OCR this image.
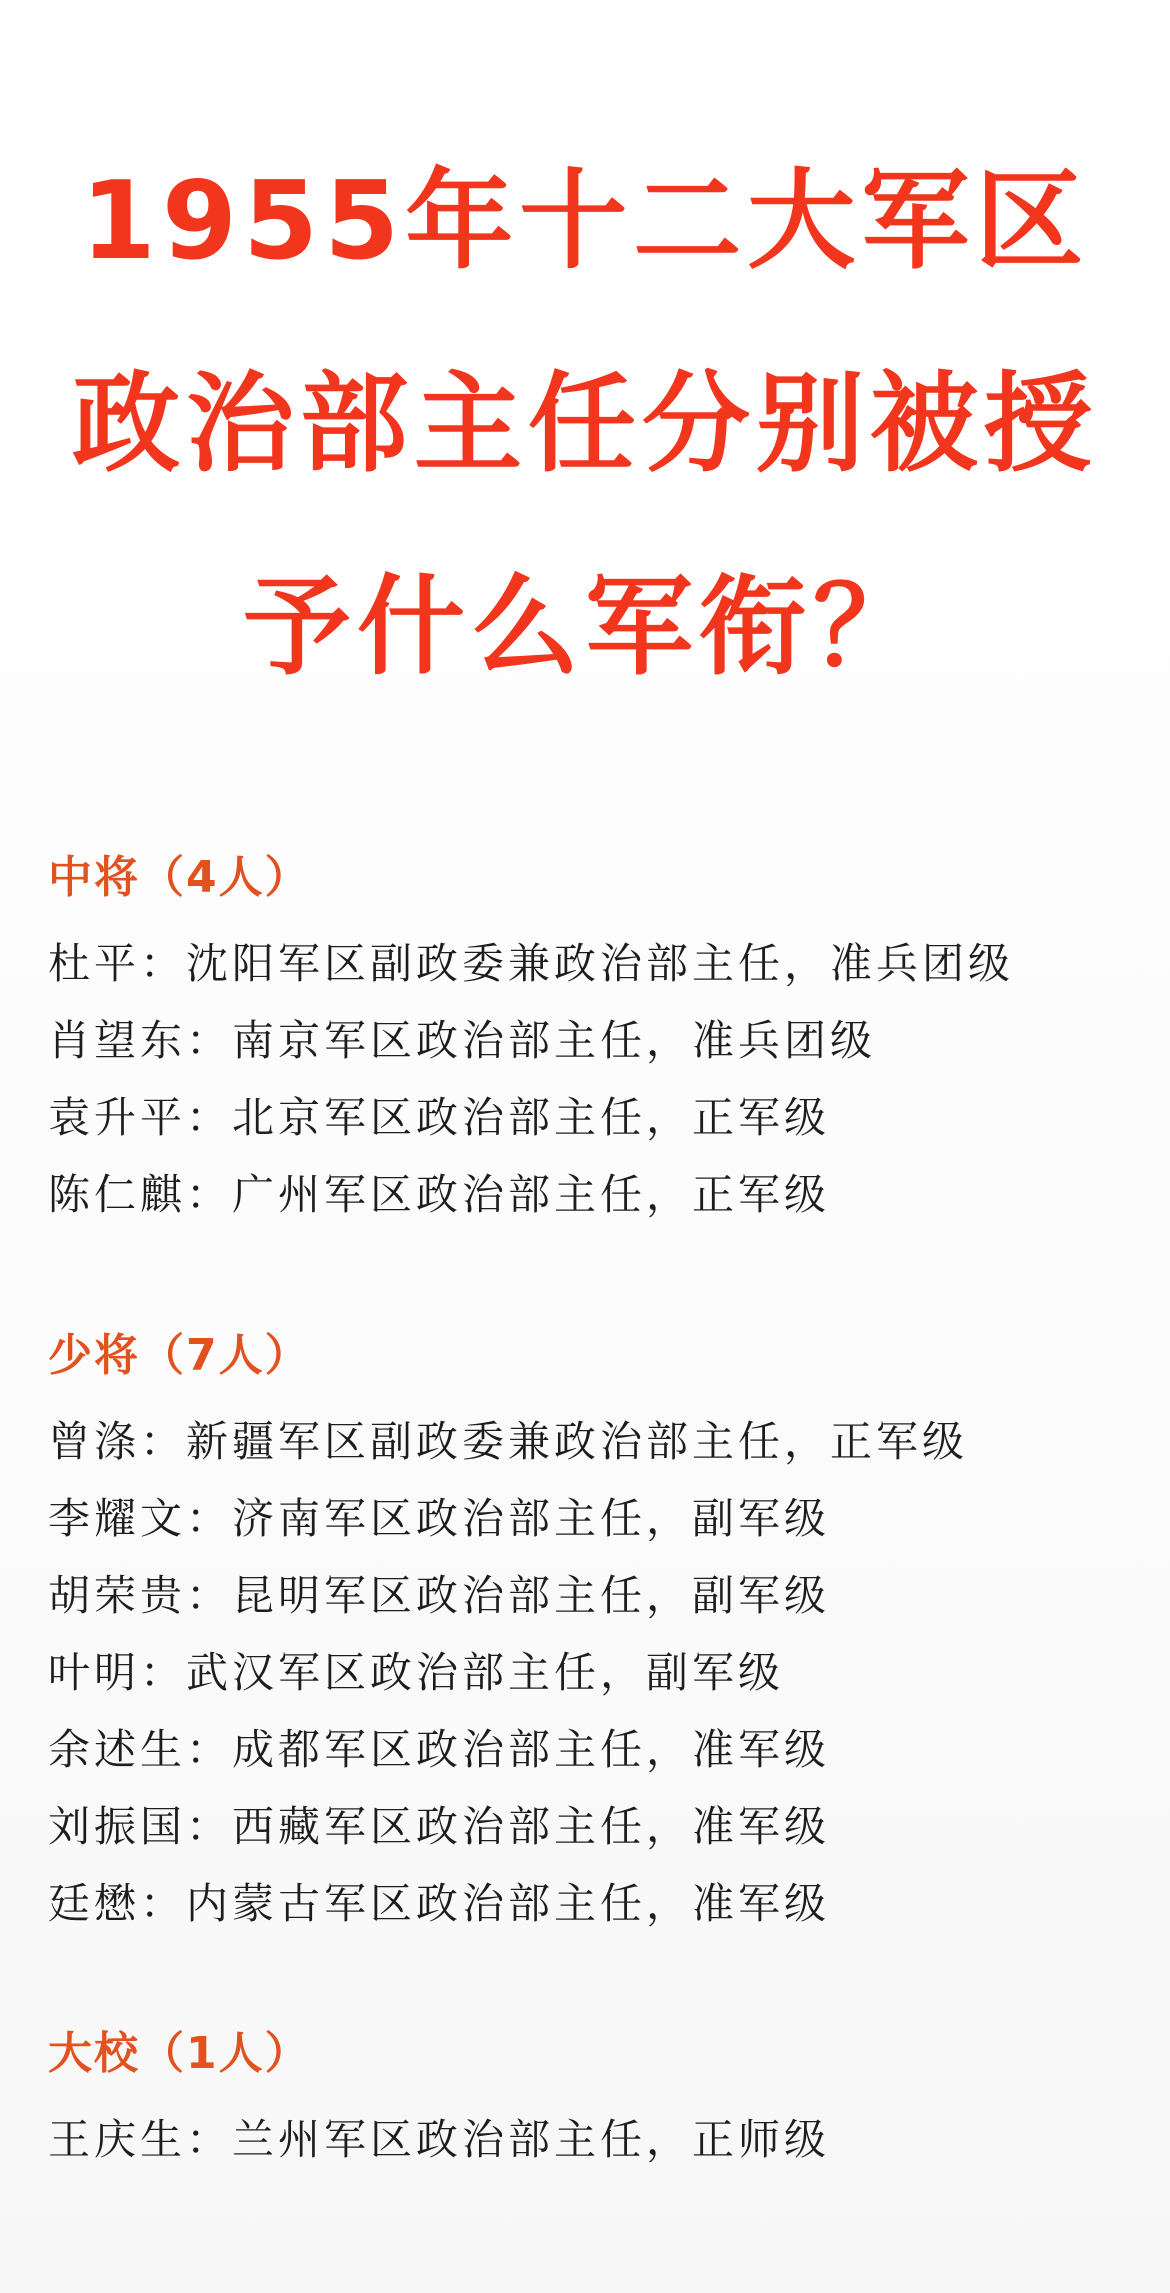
1955年十二大军区
政治部主任分别被授
予什么军衔？
中将（4人）
杜平：沈阳军区副政委兼政治部主任，准兵团级
肖望东：南京军区政治部主任，准兵团级
袁升平：北京军区政治部主任，正军级
陈仁麒：广州军区政治部主任，正军级
少将（7人）
曾涤：新疆军区副政委兼政治部主任，正军级
李耀文：济南军区政治部主任，副军级
胡荣贵：昆明军区政治部主任，副军级
叶明：武汉军区政治部主任，副军级
余述生：成都军区政治部主任，准军级
刘振国：西藏军区政治部主任，准军级
廷懋：内蒙古军区政治部主任，准军级
大校（1人）
王庆生：兰州军区政治部主任，正师级
